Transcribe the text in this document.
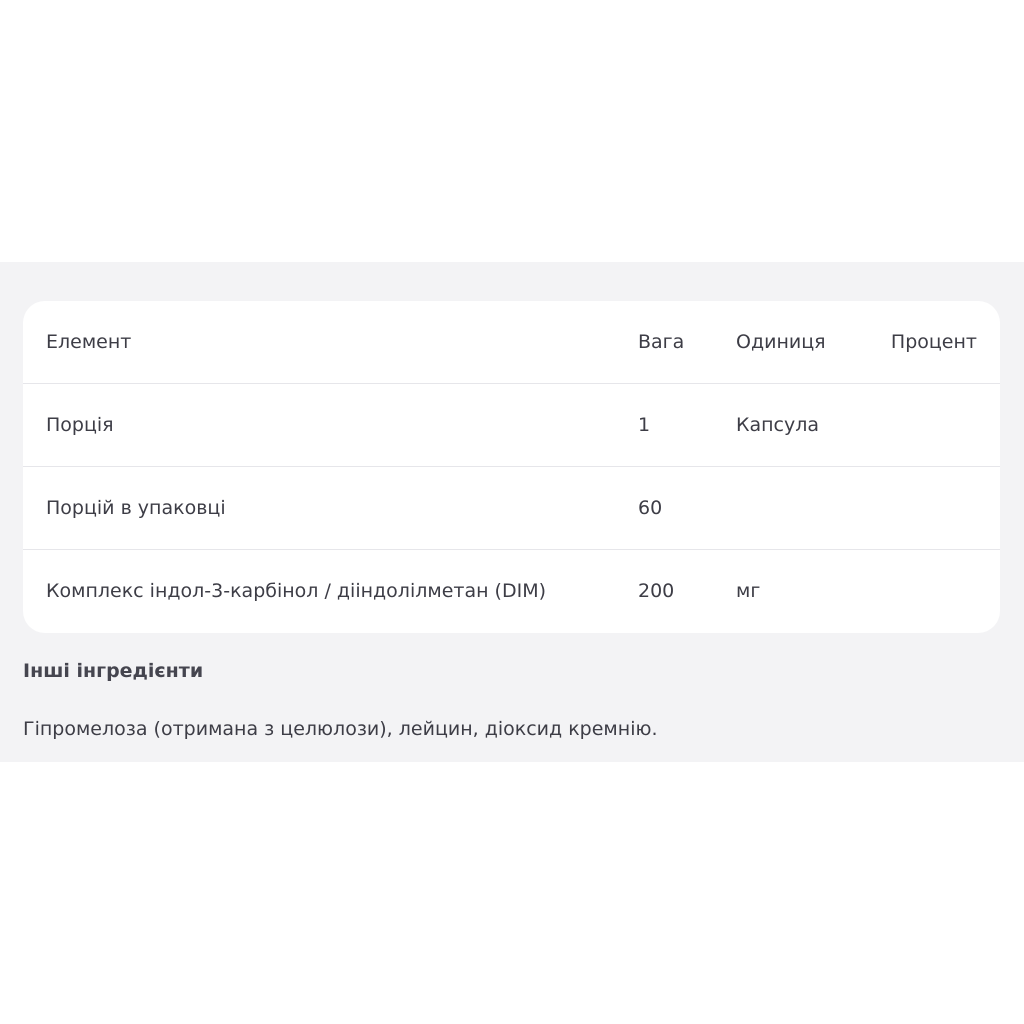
Елемент	Вага	Одиниця	Процент
Порція	1	Капсула
Порцій в упаковці	60
Комплекс індол-3-карбінол / дііндолілметан (DIM)	200	мг
Інші інгредієнти
Гіпромелоза (отримана з целюлози), лейцин, діоксид кремнію.
